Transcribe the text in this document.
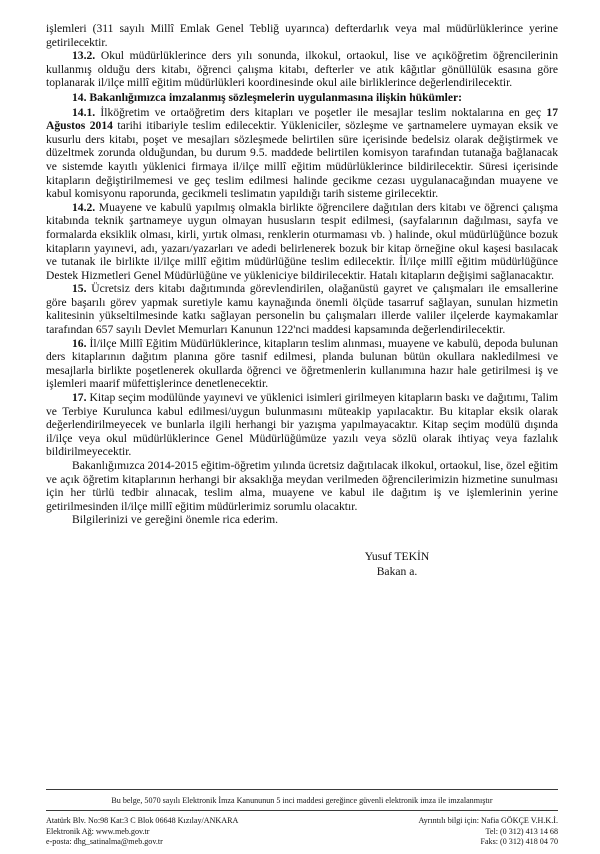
işlemleri (311 sayılı Millî Emlak Genel Tebliğ uyarınca) defterdarlık veya mal müdürlüklerince yerine getirilecektir.

13.2. Okul müdürlüklerince ders yılı sonunda, ilkokul, ortaokul, lise ve açıköğretim öğrencilerinin kullanmış olduğu ders kitabı, öğrenci çalışma kitabı, defterler ve atık kâğıtlar gönüllülük esasına göre toplanarak il/ilçe millî eğitim müdürlükleri koordinesinde okul aile birliklerince değerlendirilecektir.

14. Bakanlığımızca imzalanmış sözleşmelerin uygulanmasına ilişkin hükümler:

14.1. İlköğretim ve ortaöğretim ders kitapları ve poşetler ile mesajlar teslim noktalarına en geç 17 Ağustos 2014 tarihi itibariyle teslim edilecektir. Yükleniciler, sözleşme ve şartnamelere uymayan eksik ve kusurlu ders kitabı, poşet ve mesajları sözleşmede belirtilen süre içerisinde bedelsiz olarak değiştirmek ve düzeltmek zorunda olduğundan, bu durum 9.5. maddede belirtilen komisyon tarafından tutanağa bağlanacak ve sistemde kayıtlı yüklenici firmaya il/ilçe millî eğitim müdürlüklerince bildirilecektir. Süresi içerisinde kitapların değiştirilmemesi ve geç teslim edilmesi halinde gecikme cezası uygulanacağından muayene ve kabul komisyonu raporunda, gecikmeli teslimatın yapıldığı tarih sisteme girilecektir.

14.2. Muayene ve kabulü yapılmış olmakla birlikte öğrencilere dağıtılan ders kitabı ve öğrenci çalışma kitabında teknik şartnameye uygun olmayan hususların tespit edilmesi, (sayfalarının dağılması, sayfa ve formalarda eksiklik olması, kirli, yırtık olması, renklerin oturmaması vb. ) halinde, okul müdürlüğünce bozuk kitapların yayınevi, adı, yazarı/yazarları ve adedi belirlenerek bozuk bir kitap örneğine okul kaşesi basılacak ve tutanak ile birlikte il/ilçe millî eğitim müdürlüğüne teslim edilecektir. İl/ilçe millî eğitim müdürlüğünce Destek Hizmetleri Genel Müdürlüğüne ve yükleniciye bildirilecektir. Hatalı kitapların değişimi sağlanacaktır.

15. Ücretsiz ders kitabı dağıtımında görevlendirilen, olağanüstü gayret ve çalışmaları ile emsallerine göre başarılı görev yapmak suretiyle kamu kaynağında önemli ölçüde tasarruf sağlayan, sunulan hizmetin kalitesinin yükseltilmesinde katkı sağlayan personelin bu çalışmaları illerde valiler ilçelerde kaymakamlar tarafından 657 sayılı Devlet Memurları Kanunun 122'nci maddesi kapsamında değerlendirilecektir.

16. İl/ilçe Millî Eğitim Müdürlüklerince, kitapların teslim alınması, muayene ve kabulü, depoda bulunan ders kitaplarının dağıtım planına göre tasnif edilmesi, planda bulunan bütün okullara nakledilmesi ve mesajlarla birlikte poşetlenerek okullarda öğrenci ve öğretmenlerin kullanımına hazır hale getirilmesi iş ve işlemleri maarif müfettişlerince denetlenecektir.

17. Kitap seçim modülünde yayınevi ve yüklenici isimleri girilmeyen kitapların baskı ve dağıtımı, Talim ve Terbiye Kurulunca kabul edilmesi/uygun bulunmasını müteakip yapılacaktır. Bu kitaplar eksik olarak değerlendirilmeyecek ve bunlarla ilgili herhangi bir yazışma yapılmayacaktır. Kitap seçim modülü dışında il/ilçe veya okul müdürlüklerince Genel Müdürlüğümüze yazılı veya sözlü olarak ihtiyaç veya fazlalık bildirilmeyecektir.

Bakanlığımızca 2014-2015 eğitim-öğretim yılında ücretsiz dağıtılacak ilkokul, ortaokul, lise, özel eğitim ve açık öğretim kitaplarının herhangi bir aksaklığa meydan verilmeden öğrencilerimizin hizmetine sunulması için her türlü tedbir alınacak, teslim alma, muayene ve kabul ile dağıtım iş ve işlemlerinin yerine getirilmesinden il/ilçe millî eğitim müdürlerimiz sorumlu olacaktır.

Bilgilerinizi ve gereğini önemle rica ederim.

Yusuf TEKİN
Bakan a.
Bu belge, 5070 sayılı Elektronik İmza Kanununun 5 inci maddesi gereğince güvenli elektronik imza ile imzalanmıştır
Atatürk Blv. No:98 Kat:3 C Blok 06648 Kızılay/ANKARA
Elektronik Ağ: www.meb.gov.tr
e-posta: dhg_satinalma@meb.gov.tr
Ayrıntılı bilgi için: Nafia GÖKÇE V.H.K.İ.
Tel: (0 312) 413 14 68
Faks: (0 312) 418 04 70
